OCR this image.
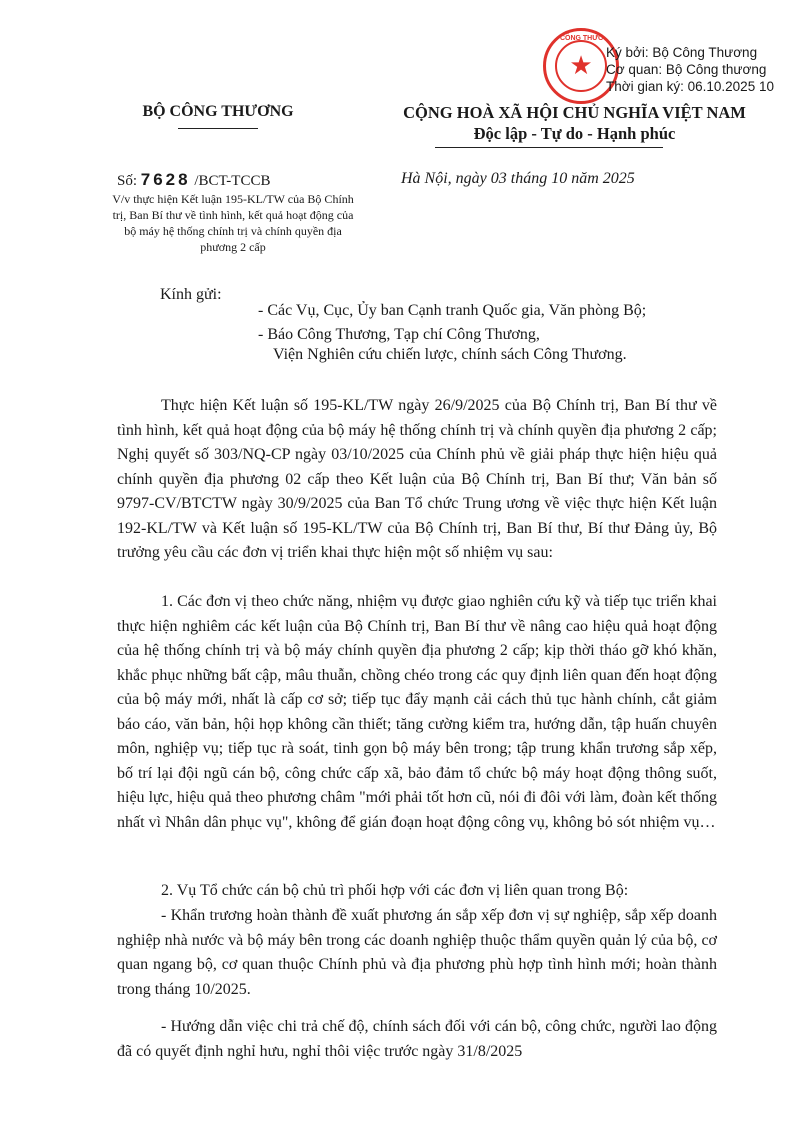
BỘ CÔNG THƯƠNG
★ Ký bởi: Bộ Công Thương
Cơ quan: Bộ Công thương
Thời gian ký: 06.10.2025 10
BỘ CÔNG THƯƠNG	CỘNG HOÀ XÃ HỘI CHỦ NGHĨA VIỆT NAM
Độc lập - Tự do - Hạnh phúc
Số: 7628 /BCT-TCCB
V/v thực hiện Kết luận 195-KL/TW của Bộ Chính trị, Ban Bí thư về tình hình, kết quả hoạt động của bộ máy hệ thống chính trị và chính quyền địa phương 2 cấp
Hà Nội, ngày 03 tháng 10 năm 2025
Kính gửi:
- Các Vụ, Cục, Ủy ban Cạnh tranh Quốc gia, Văn phòng Bộ;
- Báo Công Thương, Tạp chí Công Thương,
Viện Nghiên cứu chiến lược, chính sách Công Thương.
Thực hiện Kết luận số 195-KL/TW ngày 26/9/2025 của Bộ Chính trị, Ban Bí thư về tình hình, kết quả hoạt động của bộ máy hệ thống chính trị và chính quyền địa phương 2 cấp; Nghị quyết số 303/NQ-CP ngày 03/10/2025 của Chính phủ về giải pháp thực hiện hiệu quả chính quyền địa phương 02 cấp theo Kết luận của Bộ Chính trị, Ban Bí thư; Văn bản số 9797-CV/BTCTW ngày 30/9/2025 của Ban Tổ chức Trung ương về việc thực hiện Kết luận 192-KL/TW và Kết luận số 195-KL/TW của Bộ Chính trị, Ban Bí thư, Bí thư Đảng ủy, Bộ trưởng yêu cầu các đơn vị triển khai thực hiện một số nhiệm vụ sau:
1. Các đơn vị theo chức năng, nhiệm vụ được giao nghiên cứu kỹ và tiếp tục triển khai thực hiện nghiêm các kết luận của Bộ Chính trị, Ban Bí thư về nâng cao hiệu quả hoạt động của hệ thống chính trị và bộ máy chính quyền địa phương 2 cấp; kịp thời tháo gỡ khó khăn, khắc phục những bất cập, mâu thuẫn, chồng chéo trong các quy định liên quan đến hoạt động của bộ máy mới, nhất là cấp cơ sở; tiếp tục đẩy mạnh cải cách thủ tục hành chính, cắt giảm báo cáo, văn bản, hội họp không cần thiết; tăng cường kiểm tra, hướng dẫn, tập huấn chuyên môn, nghiệp vụ; tiếp tục rà soát, tinh gọn bộ máy bên trong; tập trung khẩn trương sắp xếp, bố trí lại đội ngũ cán bộ, công chức cấp xã, bảo đảm tổ chức bộ máy hoạt động thông suốt, hiệu lực, hiệu quả theo phương châm "mới phải tốt hơn cũ, nói đi đôi với làm, đoàn kết thống nhất vì Nhân dân phục vụ", không để gián đoạn hoạt động công vụ, không bỏ sót nhiệm vụ…
2. Vụ Tổ chức cán bộ chủ trì phối hợp với các đơn vị liên quan trong Bộ:
- Khẩn trương hoàn thành đề xuất phương án sắp xếp đơn vị sự nghiệp, sắp xếp doanh nghiệp nhà nước và bộ máy bên trong các doanh nghiệp thuộc thẩm quyền quản lý của bộ, cơ quan ngang bộ, cơ quan thuộc Chính phủ và địa phương phù hợp tình hình mới; hoàn thành trong tháng 10/2025.
- Hướng dẫn việc chi trả chế độ, chính sách đối với cán bộ, công chức, người lao động đã có quyết định nghỉ hưu, nghỉ thôi việc trước ngày 31/8/2025
